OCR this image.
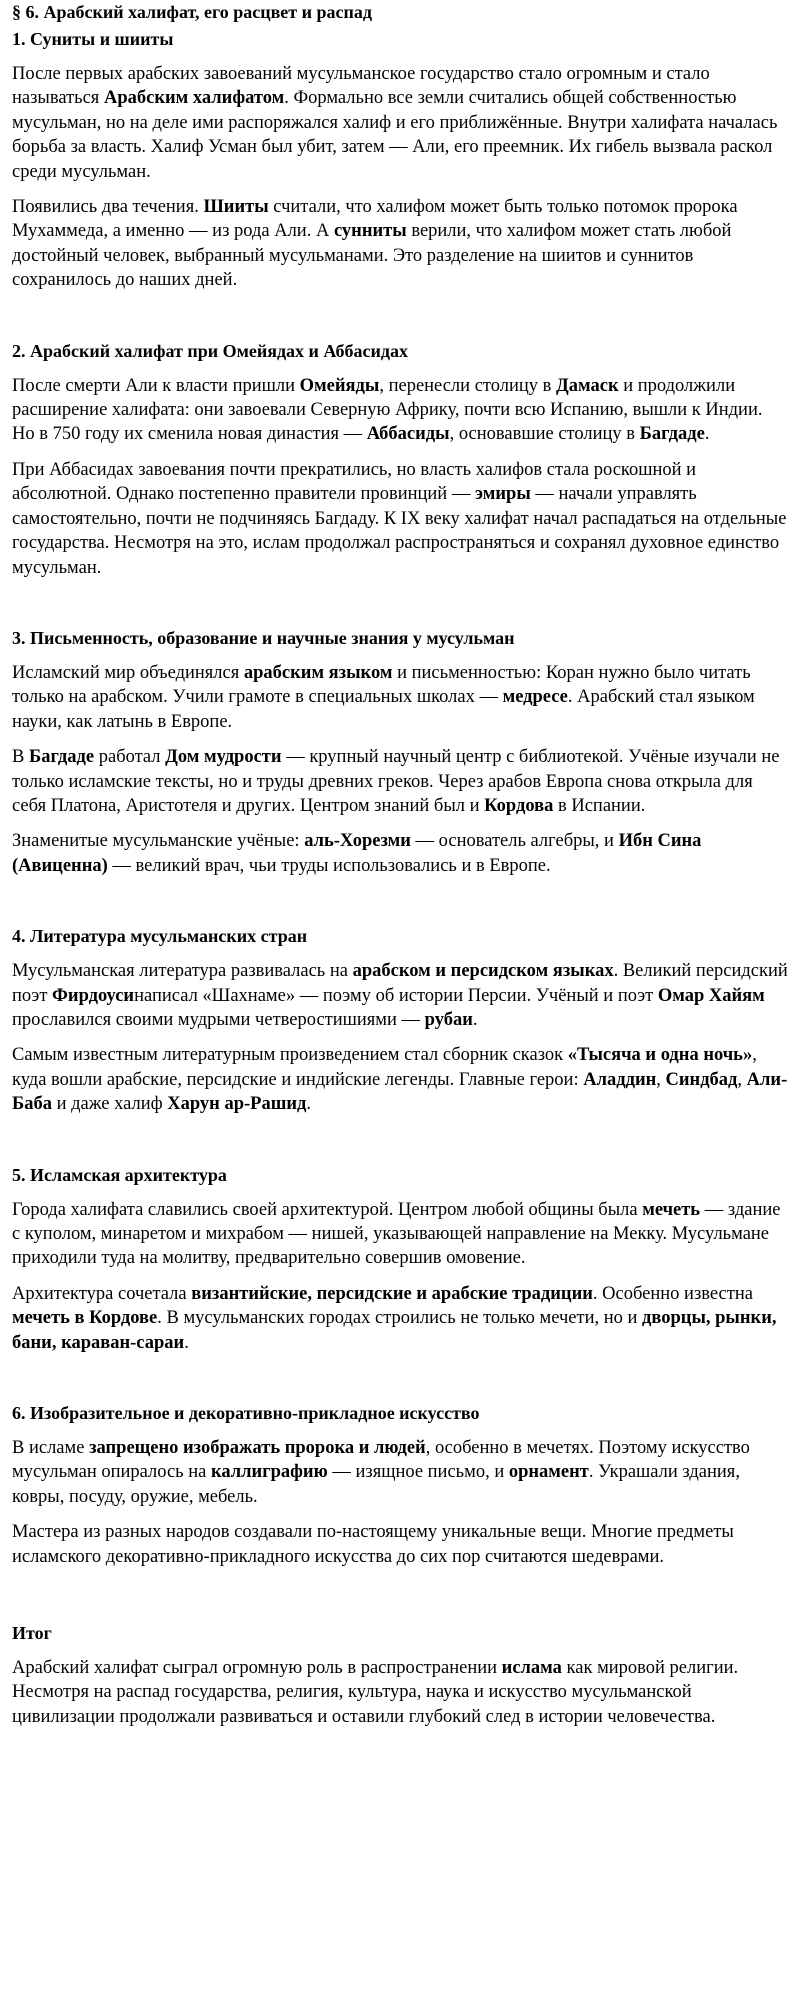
§ 6. Арабский халифат, его расцвет и распад
1. Суниты и шииты

После первых арабских завоеваний мусульманское государство стало огромным и стало называться Арабским халифатом. Формально все земли считались общей собственностью мусульман, но на деле ими распоряжался халиф и его приближённые. Внутри халифата началась борьба за власть. Халиф Усман был убит, затем — Али, его преемник. Их гибель вызвала раскол среди мусульман.

Появились два течения. Шииты считали, что халифом может быть только потомок пророка Мухаммеда, а именно — из рода Али. А сунниты верили, что халифом может стать любой достойный человек, выбранный мусульманами. Это разделение на шиитов и суннитов сохранилось до наших дней.

2. Арабский халифат при Омейядах и Аббасидах

После смерти Али к власти пришли Омейяды, перенесли столицу в Дамаск и продолжили расширение халифата: они завоевали Северную Африку, почти всю Испанию, вышли к Индии. Но в 750 году их сменила новая династия — Аббасиды, основавшие столицу в Багдаде.

При Аббасидах завоевания почти прекратились, но власть халифов стала роскошной и абсолютной. Однако постепенно правители провинций — эмиры — начали управлять самостоятельно, почти не подчиняясь Багдаду. К IX веку халифат начал распадаться на отдельные государства. Несмотря на это, ислам продолжал распространяться и сохранял духовное единство мусульман.

3. Письменность, образование и научные знания у мусульман

Исламский мир объединялся арабским языком и письменностью: Коран нужно было читать только на арабском. Учили грамоте в специальных школах — медресе. Арабский стал языком науки, как латынь в Европе.

В Багдаде работал Дом мудрости — крупный научный центр с библиотекой. Учёные изучали не только исламские тексты, но и труды древних греков. Через арабов Европа снова открыла для себя Платона, Аристотеля и других. Центром знаний был и Кордова в Испании.

Знаменитые мусульманские учёные: аль-Хорезми — основатель алгебры, и Ибн Сина (Авиценна) — великий врач, чьи труды использовались и в Европе.

4. Литература мусульманских стран

Мусульманская литература развивалась на арабском и персидском языках. Великий персидский поэт Фирдоусинаписал «Шахнаме» — поэму об истории Персии. Учёный и поэт Омар Хайям прославился своими мудрыми четверостишиями — рубаи.

Самым известным литературным произведением стал сборник сказок «Тысяча и одна ночь», куда вошли арабские, персидские и индийские легенды. Главные герои: Аладдин, Синдбад, Али-Баба и даже халиф Харун ар-Рашид.

5. Исламская архитектура

Города халифата славились своей архитектурой. Центром любой общины была мечеть — здание с куполом, минаретом и михрабом — нишей, указывающей направление на Мекку. Мусульмане приходили туда на молитву, предварительно совершив омовение.

Архитектура сочетала византийские, персидские и арабские традиции. Особенно известна мечеть в Кордове. В мусульманских городах строились не только мечети, но и дворцы, рынки, бани, караван-сараи.

6. Изобразительное и декоративно-прикладное искусство

В исламе запрещено изображать пророка и людей, особенно в мечетях. Поэтому искусство мусульман опиралось на каллиграфию — изящное письмо, и орнамент. Украшали здания, ковры, посуду, оружие, мебель.

Мастера из разных народов создавали по-настоящему уникальные вещи. Многие предметы исламского декоративно-прикладного искусства до сих пор считаются шедеврами.

Итог

Арабский халифат сыграл огромную роль в распространении ислама как мировой религии. Несмотря на распад государства, религия, культура, наука и искусство мусульманской цивилизации продолжали развиваться и оставили глубокий след в истории человечества.
